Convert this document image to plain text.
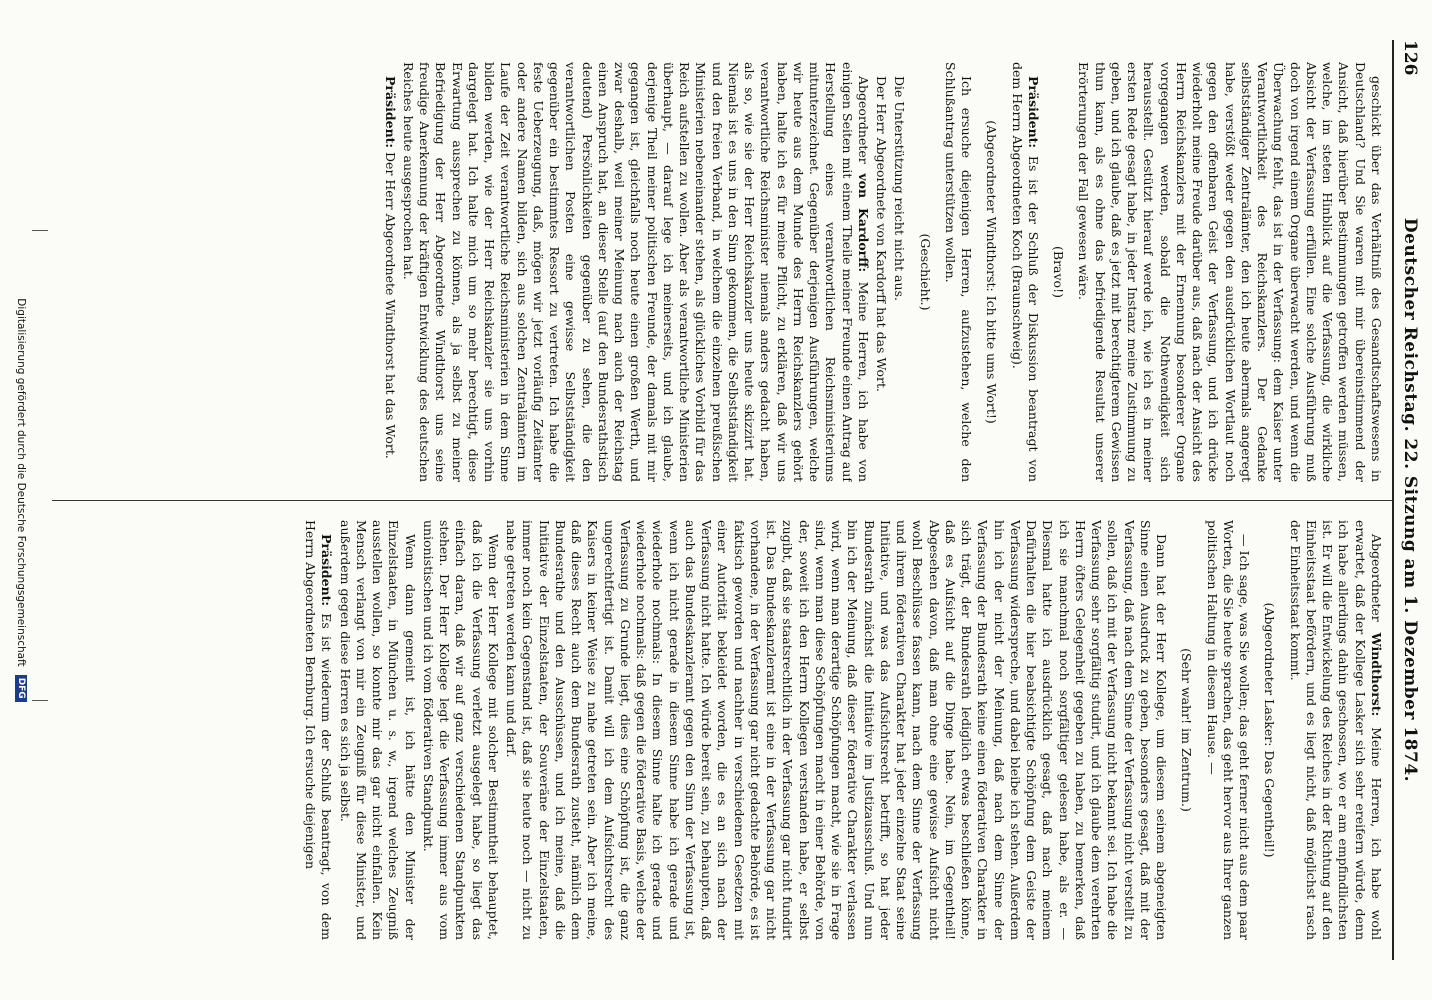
126
Deutscher Reichstag. 22. Sitzung am 1. Dezember 1874.

geschickt über das Verhältniß des Gesandtschaftswesens in Deutschland? Und Sie waren mit mir übereinstimmend der Ansicht, daß hierüber Bestimmungen getroffen werden müssen, welche, im steten Hinblick auf die Verfassung, die wirkliche Absicht der Verfassung erfüllen. Eine solche Ausführung muß doch von irgend einem Organe überwacht werden, und wenn die Überwachung fehlt, das ist in der Verfassung: dem Kaiser unter Verantwortlichkeit des Reichskanzlers. Der Gedanke selbstständiger Zentralämter, den ich heute abermals angeregt habe, verstößt weder gegen den ausdrücklichen Wortlaut noch gegen den offenbaren Geist der Verfassung, und ich drücke wiederholt meine Freude darüber aus, daß nach der Ansicht des Herrn Reichskanzlers mit der Ernennung besonderer Organe vorgegangen werden, sobald die Nothwendigkeit sich herausstellt. Gestützt hierauf werde ich, wie ich es in meiner ersten Rede gesagt habe, in jeder Instanz meine Zustimmung zu geben, und ich glaube, daß es jetzt mit berechtigterem Gewissen thun kann, als es ohne das befriedigende Resultat unserer Erörterungen der Fall gewesen wäre.

(Bravo!)

Präsident: Es ist der Schluß der Diskussion beantragt von dem Herrn Abgeordneten Koch (Braunschweig).

(Abgeordneter Windthorst: Ich bitte ums Wort!)

Ich ersuche diejenigen Herren, aufzustehen, welche den Schlußantrag unterstützen wollen.

(Geschieht.)

Die Unterstützung reicht nicht aus.

Der Herr Abgeordnete von Kardorff hat das Wort.

Abgeordneter von Kardorff: Meine Herren, ich habe von einigen Seiten mit einem Theile meiner Freunde einen Antrag auf Herstellung eines verantwortlichen Reichsministeriums mitunterzeichnet. Gegenüber derjenigen Ausführungen, welche wir heute aus dem Munde des Herrn Reichskanzlers gehört haben, halte ich es für meine Pflicht, zu erklären, daß wir uns verantwortliche Reichsminister niemals anders gedacht haben, als so, wie sie der Herr Reichskanzler uns heute skizzirt hat. Niemals ist es uns in den Sinn gekommen, die Selbstständigkeit und den freien Verband, in welchem die einzelnen preußischen Ministerien nebeneinander stehen, als glückliches Vorbild für das Reich aufstellen zu wollen. Aber als verantwortliche Ministerien überhaupt, — darauf lege ich meinerseits, und ich glaube, derjenige Theil meiner politischen Freunde, der damals mit mir gegangen ist, gleichfalls noch heute einen großen Werth, und zwar deshalb, weil meiner Meinung nach auch der Reichstag einen Anspruch hat, an dieser Stelle (auf den Bundesrathstisch deutend) Persönlichkeiten gegenüber zu sehen, die den verantwortlichen Posten eine gewisse Selbstständigkeit gegenüber ein bestimmtes Ressort zu vertreten. Ich habe die feste Ueberzeugung, daß, mögen wir jetzt vorläufig Zeitämter oder andere Namen bilden, sich aus solchen Zentralämtern im Laufe der Zeit verantwortliche Reichsministerien in dem Sinne bilden werden, wie der Herr Reichskanzler sie uns vorhin dargelegt hat. Ich halte mich um so mehr berechtigt, diese Erwartung aussprechen zu können, als ja selbst zu meiner Befriedigung der Herr Abgeordnete Windthorst uns seine freudige Anerkennung der kräftigen Entwicklung des deutschen Reiches heute ausgesprochen hat.

Präsident: Der Herr Abgeordnete Windthorst hat das Wort.

Abgeordneter Windthorst: Meine Herren, ich habe wohl erwartet, daß der Kollege Lasker sich sehr ereifern würde, denn ich habe allerdings dahin geschossen, wo er am empfindlichsten ist. Er will die Entwickelung des Reiches in der Richtung auf den Einheitsstaat befördern, und es liegt nicht, daß möglichst rasch der Einheitsstaat kommt.

(Abgeordneter Lasker: Das Gegentheil!)

— Ich sage, was Sie wollen; das geht ferner nicht aus dem paar Worten, die Sie heute sprachen, das geht hervor aus Ihrer ganzen politischen Haltung in diesem Hause. —

(Sehr wahr! im Zentrum.)

Dann hat der Herr Kollege, um diesem seinem abgeneigten Sinne einen Ausdruck zu geben, besonders gesagt, daß mit der Verfassung, daß nach dem Sinne der Verfassung nicht verstellt zu sollen, daß ich mit der Verfassung nicht bekannt sei. Ich habe die Verfassung sehr sorgfältig studirt, und ich glaube dem verehrten Herrn öfters Gelegenheit gegeben zu haben, zu bemerken, daß ich sie manchmal noch sorgfältiger gelesen habe, als er. — Diesmal hatte ich ausdrücklich gesagt, daß nach meinem Dafürhalten die hier beabsichtigte Schöpfung dem Geiste der Verfassung widerspreche, und dabei bleibe ich stehen. Außerdem hin ich der nicht der Meinung, daß nach dem Sinne der Verfassung der Bundesrath keine einen föderativen Charakter in sich trägt, der Bundesrath lediglich etwas beschließen könne, daß es Aufsicht auf die Dinge habe. Nein, im Gegentheil! Abgesehen davon, daß man ohne eine gewisse Aufsicht nicht wohl Beschlüsse fassen kann, nach dem Sinne der Verfassung und ihrem föderativen Charakter hat jeder einzelne Staat seine Initiative, und was das Aufsichtsrecht betrifft, so hat jeder Bundesrath zunächst die Initiative im Justizausschuß. Und nun bin ich der Meinung, daß dieser föderative Charakter verlassen wird, wenn man derartige Schöpfungen macht, wie sie in Frage sind, wenn man diese Schöpfungen macht in einer Behörde, von der, soweit ich den Herrn Kollegen verstanden habe, er selbst zugibt, daß sie staatsrechtlich in der Verfassung gar nicht fundirt ist. Das Bundeskanzleramt ist eine in der Verfassung gar nicht vorhandene, in der Verfassung gar nicht gedachte Behörde, es ist faktisch geworden und nachher in verschiedenen Gesetzen mit einer Autorität bekleidet worden, die es an sich nach der Verfassung nicht hatte. Ich würde bereit sein, zu behaupten, daß auch das Bundeskanzleramt gegen den Sinn der Verfassung ist, wenn ich nicht gerade in diesem Sinne habe ich gerade und wiederhole nochmals: In diesem Sinne halte ich gerade und wiederhole nochmals: daß gegen die föderative Basis, welche der Verfassung zu Grunde liegt, dies eine Schöpfung ist, die ganz ungerechtfertigt ist. Damit will ich dem Aufsichtsrecht des Kaisers in keiner Weise zu nahe getreten sein. Aber ich meine, daß dieses Recht auch dem Bundesrath zusteht, nämlich dem Bundesrathe und den Ausschüssen, und ich meine, daß die Initiative der Einzelstaaten, der Souveräne der Einzelstaaten, immer noch kein Gegenstand ist, daß sie heute noch — nicht zu nahe getreten werden kann und darf.

Wenn der Herr Kollege mit solcher Bestimmtheit behauptet, daß ich die Verfassung verletzt ausgelegt habe, so liegt das einfach daran, daß wir auf ganz verschiedenen Standpunkten stehen. Der Herr Kollege legt die Verfassung immer aus vom unionistischen und ich vom föderativen Standpunkt.

Wenn dann gemeint ist, ich hätte den Minister der Einzelstaaten, in München u. s. w., irgend welches Zeugniß ausstellen wollen, so konnte mir das gar nicht einfallen. Kein Mensch verlangt von mir ein Zeugniß für diese Minister, und außerdem gegen diese Herren es sich ja selbst.

Präsident: Es ist wiederum der Schluß beantragt, von dem Herrn Abgeordneten Bernburg. Ich ersuche diejenigen

Digitalisierung gefördert durch die Deutsche Forschungsgemeinschaft
DFG
